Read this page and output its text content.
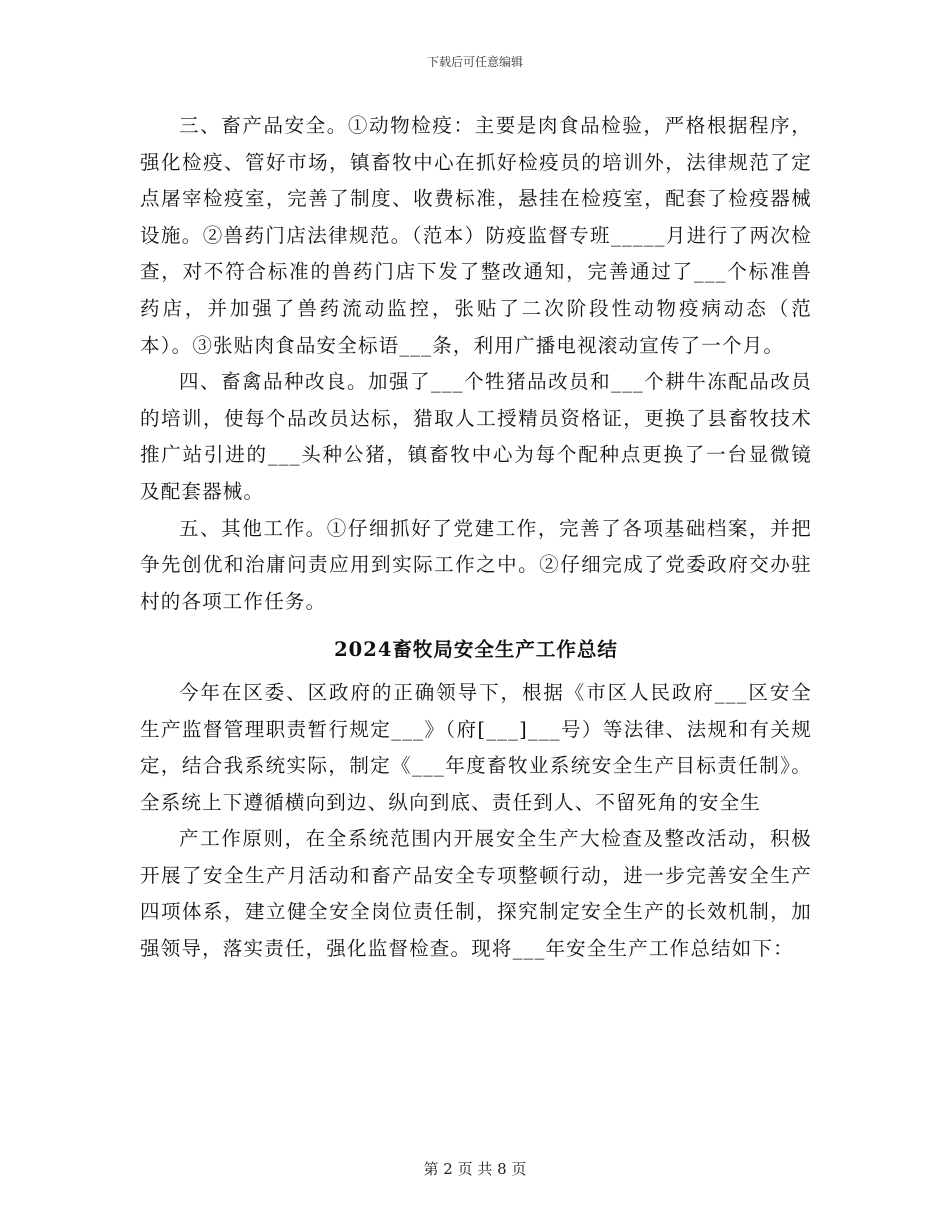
下载后可任意编辑

三、畜产品安全。①动物检疫：主要是肉食品检验，严格根据程序，强化检疫、管好市场，镇畜牧中心在抓好检疫员的培训外，法律规范了定点屠宰检疫室，完善了制度、收费标准，悬挂在检疫室，配套了检疫器械设施。②兽药门店法律规范。（范本）防疫监督专班_____月进行了两次检查，对不符合标准的兽药门店下发了整改通知，完善通过了___个标准兽药店，并加强了兽药流动监控，张贴了二次阶段性动物疫病动态（范本）。③张贴肉食品安全标语___条，利用广播电视滚动宣传了一个月。

四、畜禽品种改良。加强了___个牲猪品改员和___个耕牛冻配品改员的培训，使每个品改员达标，猎取人工授精员资格证，更换了县畜牧技术推广站引进的___头种公猪，镇畜牧中心为每个配种点更换了一台显微镜及配套器械。

五、其他工作。①仔细抓好了党建工作，完善了各项基础档案，并把争先创优和治庸问责应用到实际工作之中。②仔细完成了党委政府交办驻村的各项工作任务。

2024畜牧局安全生产工作总结

今年在区委、区政府的正确领导下，根据《市区人民政府___区安全生产监督管理职责暂行规定___》（府[___]___号）等法律、法规和有关规定，结合我系统实际，制定《___年度畜牧业系统安全生产目标责任制》。全系统上下遵循横向到边、纵向到底、责任到人、不留死角的安全生

产工作原则，在全系统范围内开展安全生产大检查及整改活动，积极开展了安全生产月活动和畜产品安全专项整顿行动，进一步完善安全生产四项体系，建立健全安全岗位责任制，探究制定安全生产的长效机制，加强领导，落实责任，强化监督检查。现将___年安全生产工作总结如下：

第 2 页 共 8 页
